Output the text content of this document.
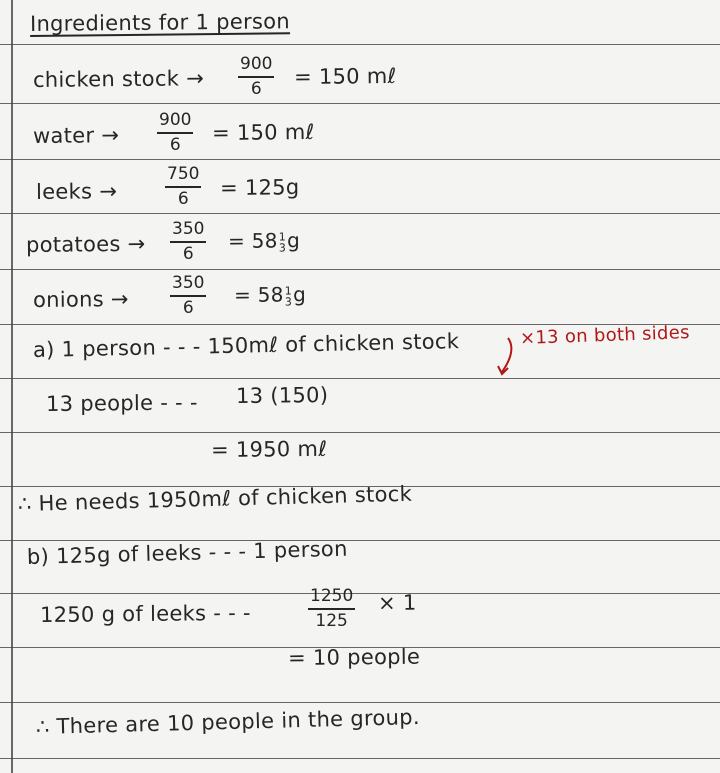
Ingredients for 1 person
chicken stock → $\frac{900}{6} = 150$ mℓ
water → $\frac{900}{6} = 150$ mℓ
leeks →	$\frac{750}{6} = 125g$
potatoes → $\frac{350}{6} = 58$ 1
3 g
onions → $\frac{350}{6} = 58$ 1
3 g
a) 1 person - - - 150mℓ of chicken stock	×13 on both sides
13 people - - - 13 (150)
= 1950 mℓ
∴ He needs 1950mℓ of chicken stock
b) 125g of leeks - - - 1 person
1250 g of leeks - - -	$\frac{1250}{125} \times 1$
= 10 people
∴ There are 10 people in the group.
